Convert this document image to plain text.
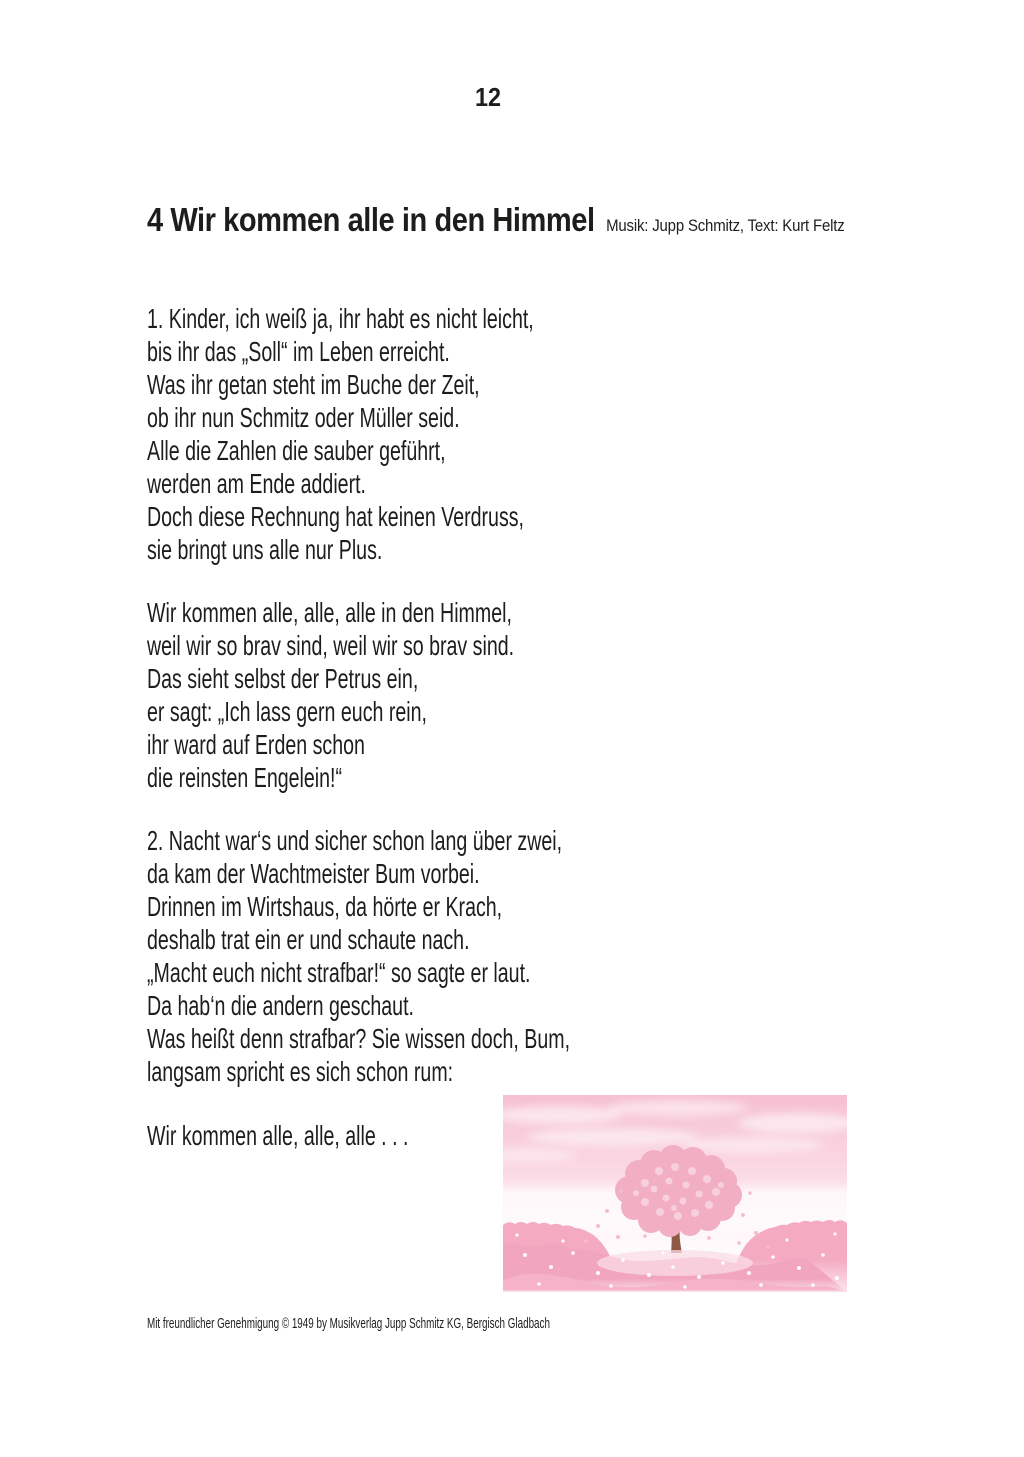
12
4 Wir kommen alle in den Himmel Musik: Jupp Schmitz, Text: Kurt Feltz
1. Kinder, ich weiß ja, ihr habt es nicht leicht,
bis ihr das „Soll“ im Leben erreicht.
Was ihr getan steht im Buche der Zeit,
ob ihr nun Schmitz oder Müller seid.
Alle die Zahlen die sauber geführt,
werden am Ende addiert.
Doch diese Rechnung hat keinen Verdruss,
sie bringt uns alle nur Plus.
Wir kommen alle, alle, alle in den Himmel,
weil wir so brav sind, weil wir so brav sind.
Das sieht selbst der Petrus ein,
er sagt: „Ich lass gern euch rein,
ihr ward auf Erden schon
die reinsten Engelein!“
2. Nacht war‘s und sicher schon lang über zwei,
da kam der Wachtmeister Bum vorbei.
Drinnen im Wirtshaus, da hörte er Krach,
deshalb trat ein er und schaute nach.
„Macht euch nicht strafbar!“ so sagte er laut.
Da hab‘n die andern geschaut.
Was heißt denn strafbar? Sie wissen doch, Bum,
langsam spricht es sich schon rum:
Wir kommen alle, alle, alle . . .
Mit freundlicher Genehmigung © 1949 by Musikverlag Jupp Schmitz KG, Bergisch Gladbach
